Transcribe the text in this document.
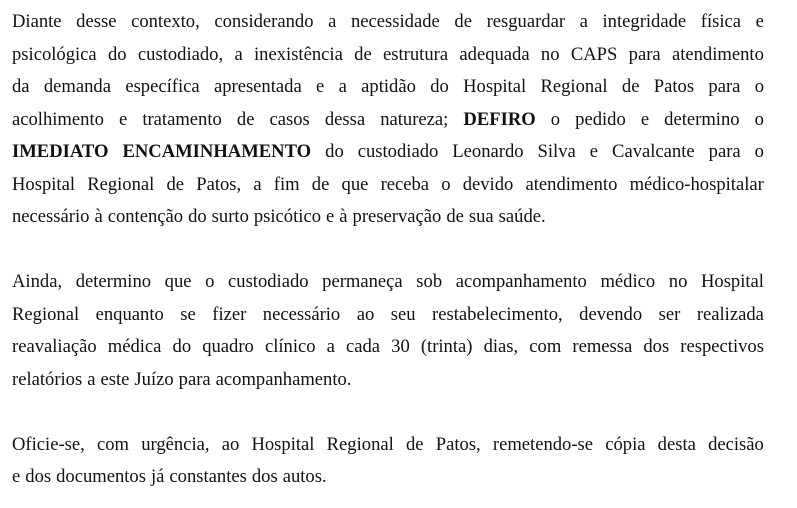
Diante desse contexto, considerando a necessidade de resguardar a integridade física e
psicológica do custodiado, a inexistência de estrutura adequada no CAPS para atendimento
da demanda específica apresentada e a aptidão do Hospital Regional de Patos para o
acolhimento e tratamento de casos dessa natureza; DEFIRO o pedido e determino o
IMEDIATO ENCAMINHAMENTO do custodiado Leonardo Silva e Cavalcante para o
Hospital Regional de Patos, a fim de que receba o devido atendimento médico-hospitalar
necessário à contenção do surto psicótico e à preservação de sua saúde.
Ainda, determino que o custodiado permaneça sob acompanhamento médico no Hospital
Regional enquanto se fizer necessário ao seu restabelecimento, devendo ser realizada
reavaliação médica do quadro clínico a cada 30 (trinta) dias, com remessa dos respectivos
relatórios a este Juízo para acompanhamento.
Oficie-se, com urgência, ao Hospital Regional de Patos, remetendo-se cópia desta decisão
e dos documentos já constantes dos autos.
